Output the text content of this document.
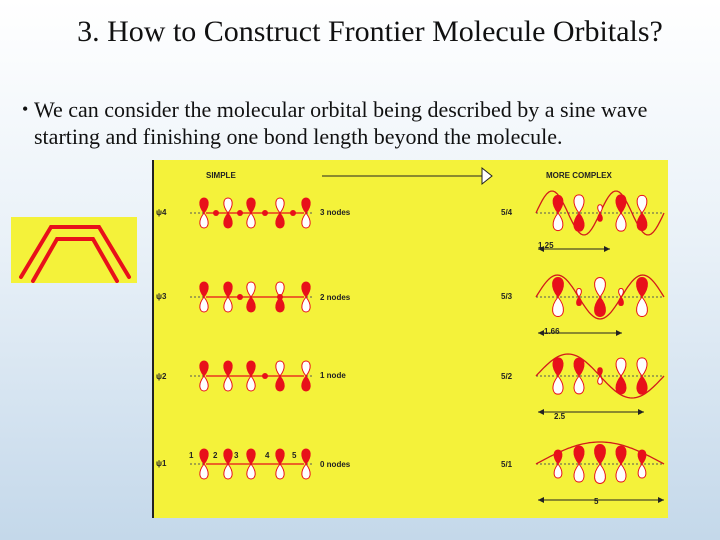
3. How to Construct Frontier Molecule Orbitals?
• We can consider the molecular orbital being described by a sine wave starting and finishing one bond length beyond the molecule.
SIMPLE	MORE COMPLEX
ψ4
ψ3
ψ2
ψ1
3 nodes
2 nodes
1 node
0 nodes
5/4
5/3
5/2
5/1
1.25
1.66
2.5
5
1 2 3	4	5
